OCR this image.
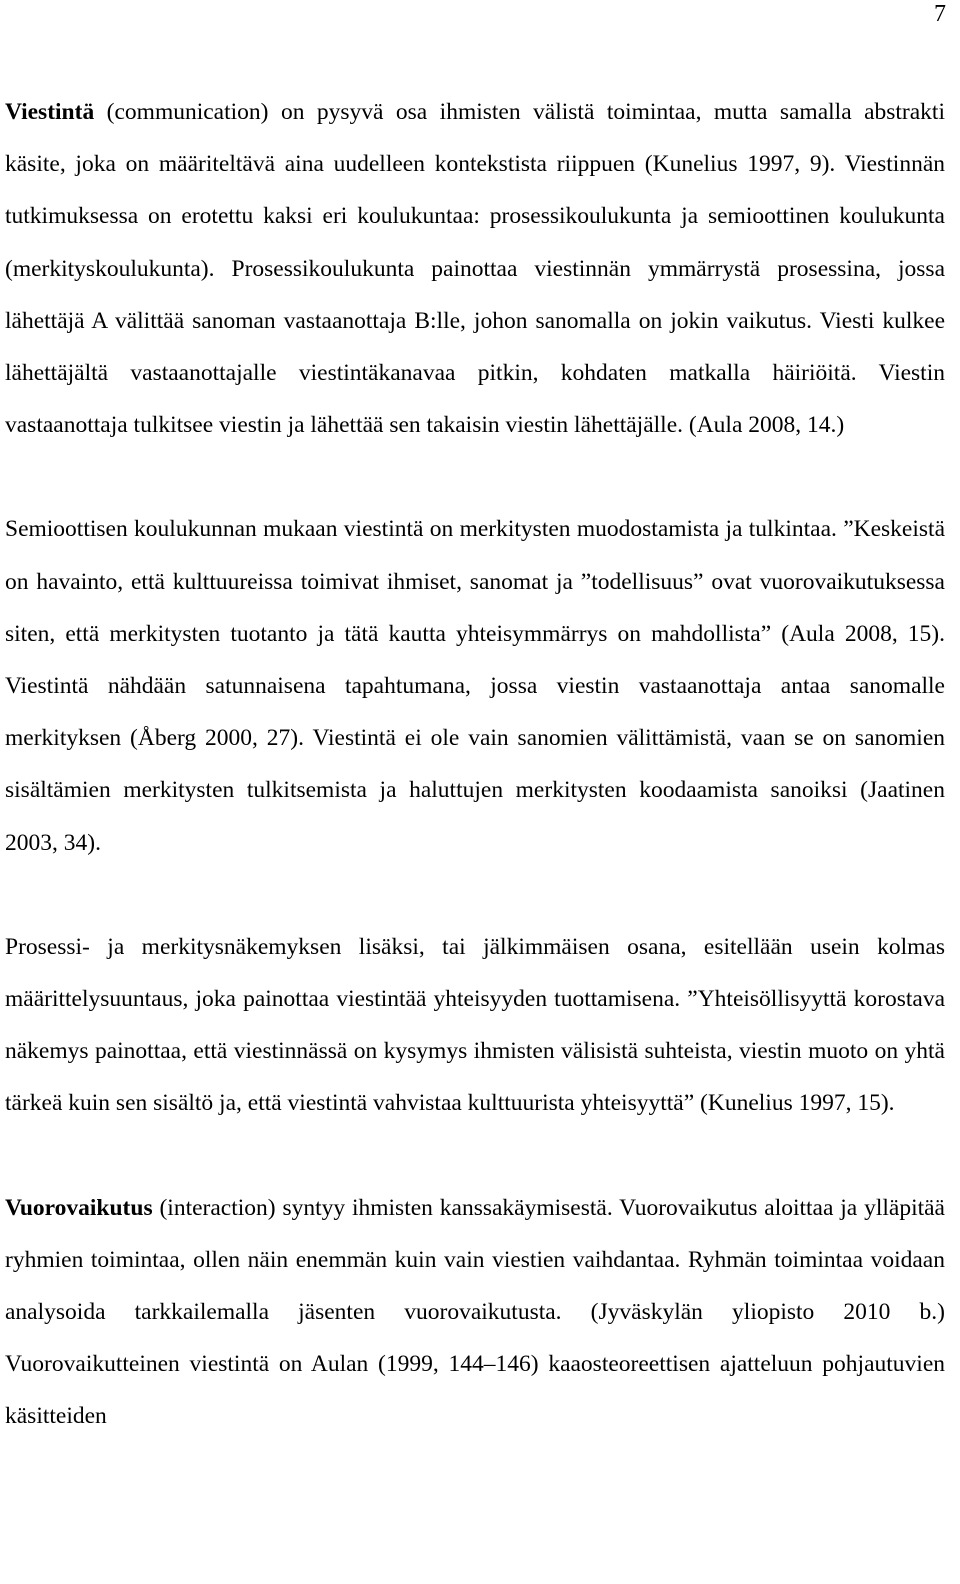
7

Viestintä (communication) on pysyvä osa ihmisten välistä toimintaa, mutta samalla abstrakti käsite, joka on määriteltävä aina uudelleen kontekstista riippuen (Kunelius 1997, 9). Viestinnän tutkimuksessa on erotettu kaksi eri koulukuntaa: prosessikoulukunta ja semioottinen koulukunta (merkityskoulukunta). Prosessikoulukunta painottaa viestinnän ymmärrystä prosessina, jossa lähettäjä A välittää sanoman vastaanottaja B:lle, johon sanomalla on jokin vaikutus. Viesti kulkee lähettäjältä vastaanottajalle viestintäkanavaa pitkin, kohdaten matkalla häiriöitä. Viestin vastaanottaja tulkitsee viestin ja lähettää sen takaisin viestin lähettäjälle. (Aula 2008, 14.)

Semioottisen koulukunnan mukaan viestintä on merkitysten muodostamista ja tulkintaa. ”Keskeistä on havainto, että kulttuureissa toimivat ihmiset, sanomat ja ”todellisuus” ovat vuorovaikutuksessa siten, että merkitysten tuotanto ja tätä kautta yhteisymmärrys on mahdollista” (Aula 2008, 15). Viestintä nähdään satunnaisena tapahtumana, jossa viestin vastaanottaja antaa sanomalle merkityksen (Åberg 2000, 27). Viestintä ei ole vain sanomien välittämistä, vaan se on sanomien sisältämien merkitysten tulkitsemista ja haluttujen merkitysten koodaamista sanoiksi (Jaatinen 2003, 34).

Prosessi- ja merkitysnäkemyksen lisäksi, tai jälkimmäisen osana, esitellään usein kolmas määrittelysuuntaus, joka painottaa viestintää yhteisyyden tuottamisena. ”Yhteisöllisyyttä korostava näkemys painottaa, että viestinnässä on kysymys ihmisten välisistä suhteista, viestin muoto on yhtä tärkeä kuin sen sisältö ja, että viestintä vahvistaa kulttuurista yhteisyyttä” (Kunelius 1997, 15).

Vuorovaikutus (interaction) syntyy ihmisten kanssakäymisestä. Vuorovaikutus aloittaa ja ylläpitää ryhmien toimintaa, ollen näin enemmän kuin vain viestien vaihdantaa. Ryhmän toimintaa voidaan analysoida tarkkailemalla jäsenten vuorovaikutusta. (Jyväskylän yliopisto 2010 b.) Vuorovaikutteinen viestintä on Aulan (1999, 144–146) kaaosteoreettisen ajatteluun pohjautuvien käsitteiden
